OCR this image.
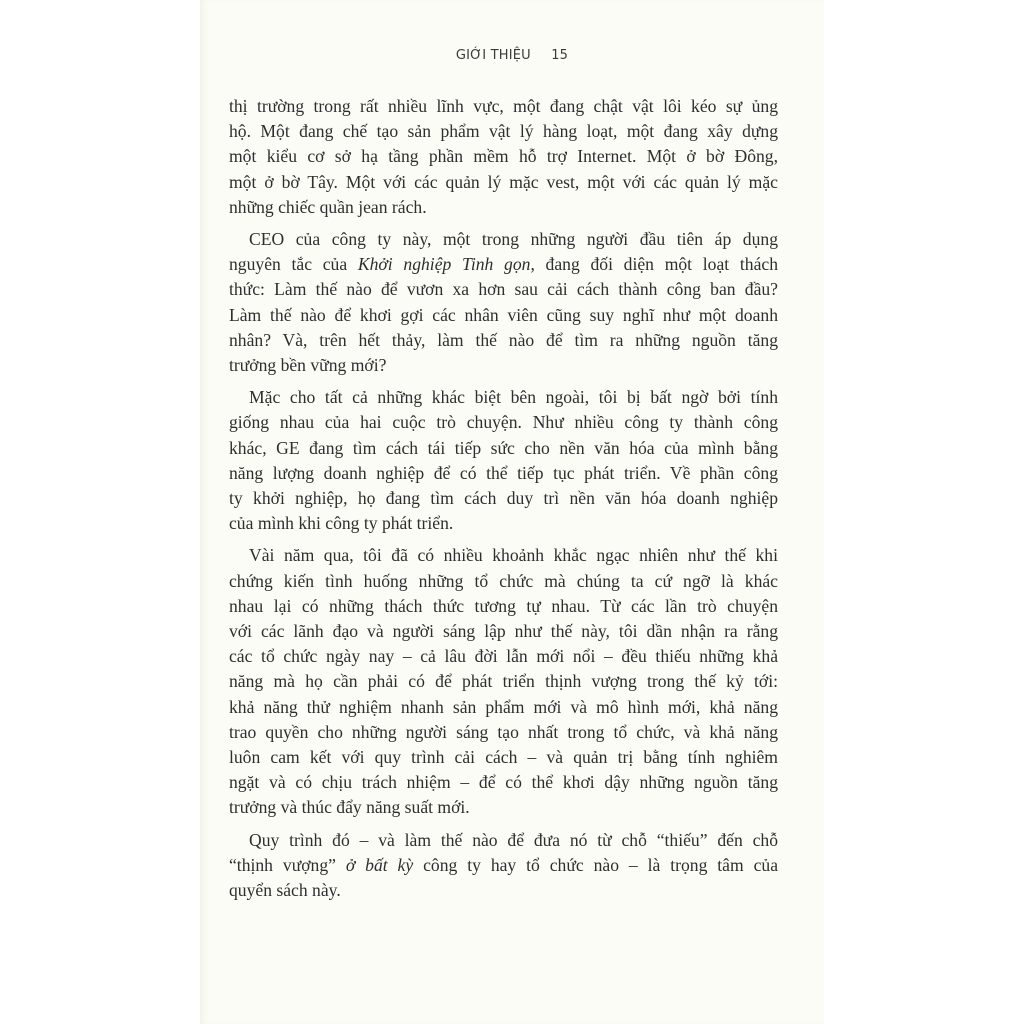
GIỚI THIỆU 15

thị trường trong rất nhiều lĩnh vực, một đang chật vật lôi kéo sự ủng
hộ. Một đang chế tạo sản phẩm vật lý hàng loạt, một đang xây dựng
một kiểu cơ sở hạ tầng phần mềm hỗ trợ Internet. Một ở bờ Đông,
một ở bờ Tây. Một với các quản lý mặc vest, một với các quản lý mặc
những chiếc quần jean rách.

CEO của công ty này, một trong những người đầu tiên áp dụng
nguyên tắc của Khởi nghiệp Tinh gọn, đang đối diện một loạt thách
thức: Làm thế nào để vươn xa hơn sau cải cách thành công ban đầu?
Làm thế nào để khơi gợi các nhân viên cũng suy nghĩ như một doanh
nhân? Và, trên hết thảy, làm thế nào để tìm ra những nguồn tăng
trưởng bền vững mới?

Mặc cho tất cả những khác biệt bên ngoài, tôi bị bất ngờ bởi tính
giống nhau của hai cuộc trò chuyện. Như nhiều công ty thành công
khác, GE đang tìm cách tái tiếp sức cho nền văn hóa của mình bằng
năng lượng doanh nghiệp để có thể tiếp tục phát triển. Về phần công
ty khởi nghiệp, họ đang tìm cách duy trì nền văn hóa doanh nghiệp
của mình khi công ty phát triển.

Vài năm qua, tôi đã có nhiều khoảnh khắc ngạc nhiên như thế khi
chứng kiến tình huống những tổ chức mà chúng ta cứ ngỡ là khác
nhau lại có những thách thức tương tự nhau. Từ các lần trò chuyện
với các lãnh đạo và người sáng lập như thế này, tôi dần nhận ra rằng
các tổ chức ngày nay – cả lâu đời lẫn mới nổi – đều thiếu những khả
năng mà họ cần phải có để phát triển thịnh vượng trong thế kỷ tới:
khả năng thử nghiệm nhanh sản phẩm mới và mô hình mới, khả năng
trao quyền cho những người sáng tạo nhất trong tổ chức, và khả năng
luôn cam kết với quy trình cải cách – và quản trị bằng tính nghiêm
ngặt và có chịu trách nhiệm – để có thể khơi dậy những nguồn tăng
trưởng và thúc đẩy năng suất mới.

Quy trình đó – và làm thế nào để đưa nó từ chỗ “thiếu” đến chỗ
“thịnh vượng” ở bất kỳ công ty hay tổ chức nào – là trọng tâm của
quyển sách này.
